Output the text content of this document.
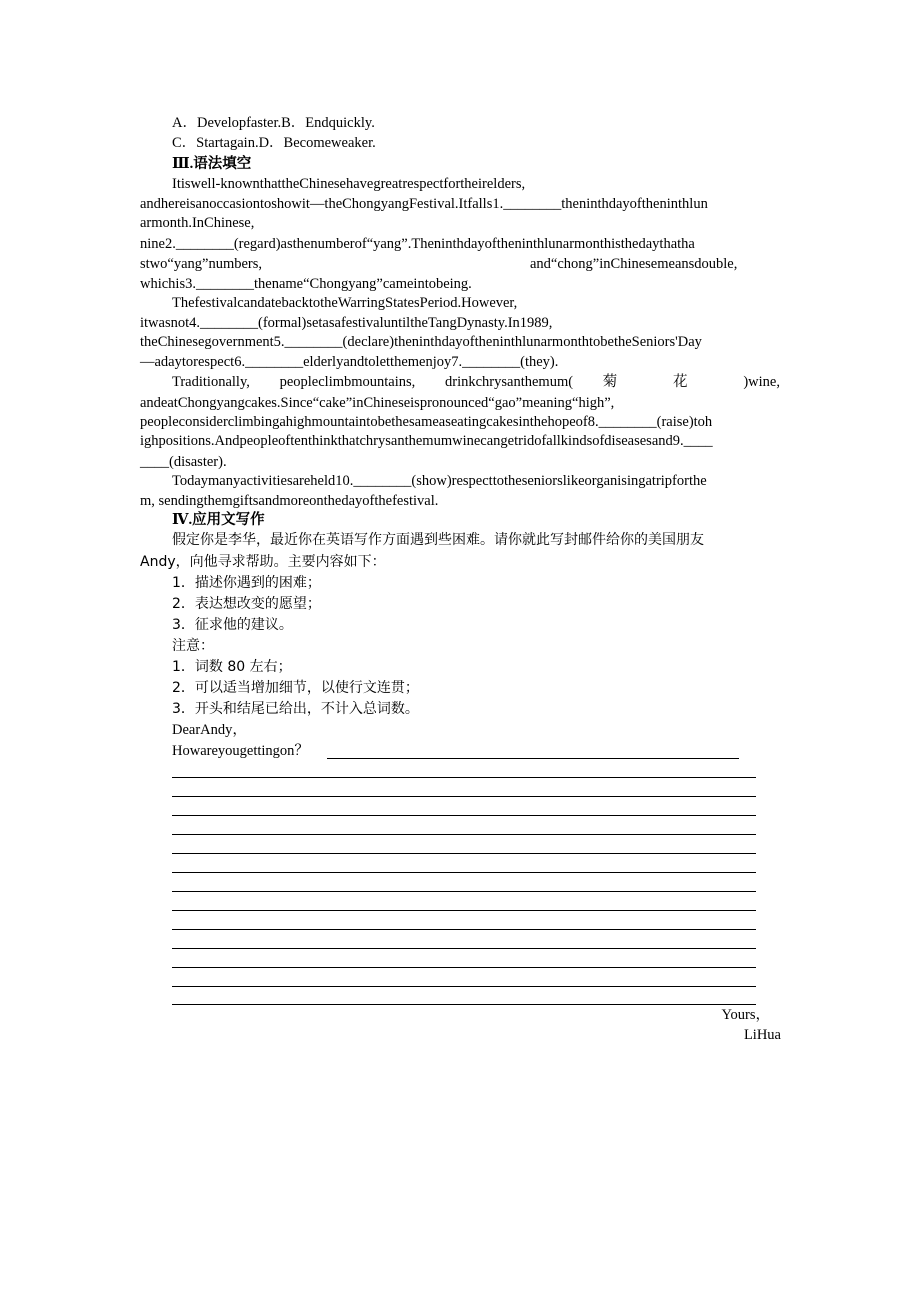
A．Developfaster.B．Endquickly.
C．Startagain.D．Becomeweaker.
Ⅲ.语法填空
Itiswell-knownthattheChinesehavegreatrespectfortheirelders,
andhereisanoccasiontoshowit—theChongyangFestival.Itfalls1.________theninthdayoftheninthlun
armonth.InChinese,
nine2.________(regard)asthenumberof“yang”.Theninthdayoftheninthlunarmonthisthedaythatha
stwo“yang”numbers,	and“chong”inChinesemeansdouble,
whichis3.________thename“Chongyang”cameintobeing.
ThefestivalcandatebacktotheWarringStatesPeriod.However,
itwasnot4.________(formal)setasafestivaluntiltheTangDynasty.In1989,
theChinesegovernment5.________(declare)theninthdayoftheninthlunarmonthtobetheSeniors'Day
—adaytorespect6.________elderlyandtoletthemenjoy7.________(they).
Traditionally, peopleclimbmountains, drinkchrysanthemum( 菊 花 )wine,
andeatChongyangcakes.Since“cake”inChineseispronounced“gao”meaning“high”,
peopleconsiderclimbingahighmountaintobethesameaseatingcakesinthehopeof8.________(raise)toh
ighpositions.Andpeopleoftenthinkthatchrysanthemumwinecangetridofallkindsofdiseasesand9.____
____(disaster).
Todaymanyactivitiesareheld10.________(show)respecttotheseniorslikeorganisingatripforthe
m, sendingthemgiftsandmoreonthedayofthefestival.
Ⅳ.应用文写作
假定你是李华，最近你在英语写作方面遇到些困难。请你就此写封邮件给你的美国朋友
Andy，向他寻求帮助。主要内容如下：
1．描述你遇到的困难；
2．表达想改变的愿望；
3．征求他的建议。
注意：
1．词数 80 左右；
2．可以适当增加细节，以使行文连贯；
3．开头和结尾已给出，不计入总词数。
DearAndy，
Howareyougettingon？
Yours，
LiHua
